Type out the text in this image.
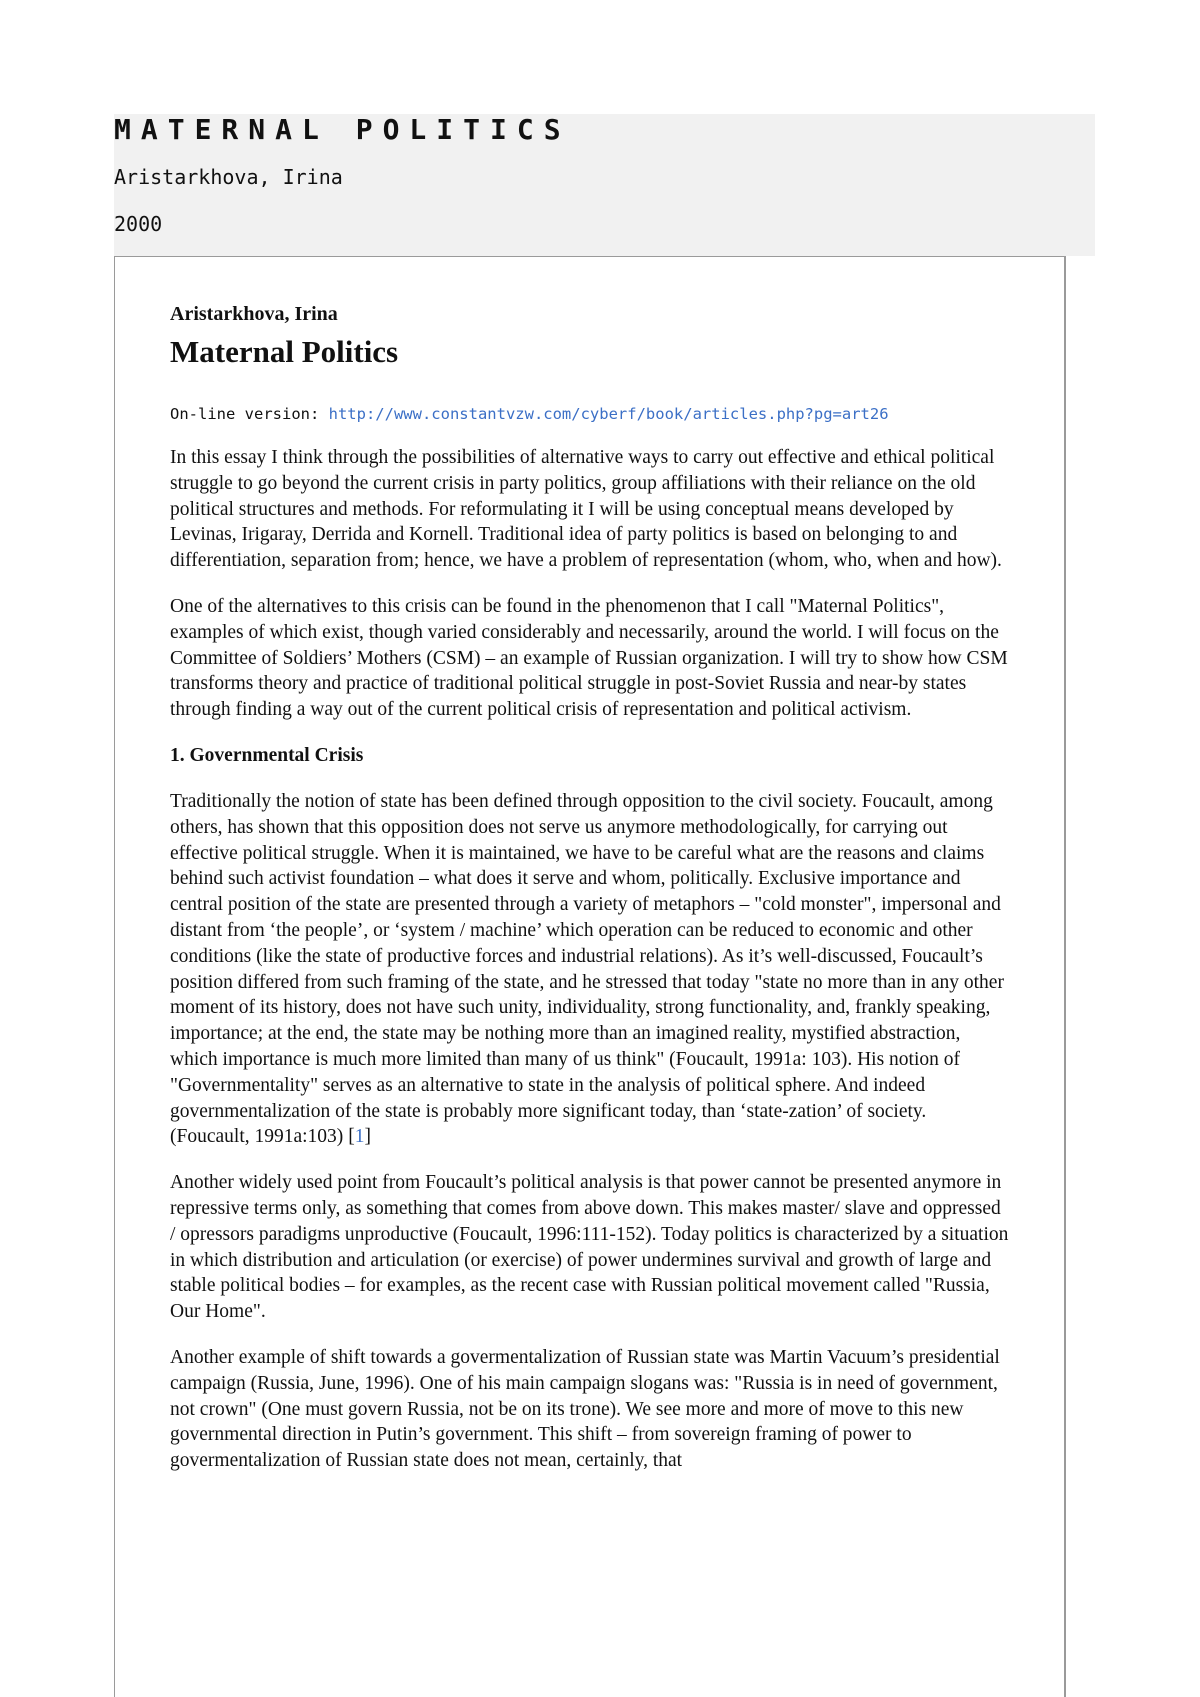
MATERNAL POLITICS
Aristarkhova, Irina
2000

Aristarkhova, Irina

Maternal Politics

On-line version: http://www.constantvzw.com/cyberf/book/articles.php?pg=art26

In this essay I think through the possibilities of alternative ways to carry out effective and ethical political struggle to go beyond the current crisis in party politics, group affiliations with their reliance on the old political structures and methods. For reformulating it I will be using conceptual means developed by Levinas, Irigaray, Derrida and Kornell. Traditional idea of party politics is based on belonging to and differentiation, separation from; hence, we have a problem of representation (whom, who, when and how).

One of the alternatives to this crisis can be found in the phenomenon that I call "Maternal Politics", examples of which exist, though varied considerably and necessarily, around the world. I will focus on the Committee of Soldiers’ Mothers (CSM) – an example of Russian organization. I will try to show how CSM transforms theory and practice of traditional political struggle in post-Soviet Russia and near-by states through finding a way out of the current political crisis of representation and political activism.

1. Governmental Crisis

Traditionally the notion of state has been defined through opposition to the civil society. Foucault, among others, has shown that this opposition does not serve us anymore methodologically, for carrying out effective political struggle. When it is maintained, we have to be careful what are the reasons and claims behind such activist foundation – what does it serve and whom, politically. Exclusive importance and central position of the state are presented through a variety of metaphors – "cold monster", impersonal and distant from ‘the people’, or ‘system / machine’ which operation can be reduced to economic and other conditions (like the state of productive forces and industrial relations). As it’s well-discussed, Foucault’s position differed from such framing of the state, and he stressed that today "state no more than in any other moment of its history, does not have such unity, individuality, strong functionality, and, frankly speaking, importance; at the end, the state may be nothing more than an imagined reality, mystified abstraction, which importance is much more limited than many of us think" (Foucault, 1991a: 103). His notion of "Governmentality" serves as an alternative to state in the analysis of political sphere. And indeed governmentalization of the state is probably more significant today, than ‘state-zation’ of society. (Foucault, 1991a:103) [1]

Another widely used point from Foucault’s political analysis is that power cannot be presented anymore in repressive terms only, as something that comes from above down. This makes master/ slave and oppressed / opressors paradigms unproductive (Foucault, 1996:111-152). Today politics is characterized by a situation in which distribution and articulation (or exercise) of power undermines survival and growth of large and stable political bodies – for examples, as the recent case with Russian political movement called "Russia, Our Home".

Another example of shift towards a govermentalization of Russian state was Martin Vacuum’s presidential campaign (Russia, June, 1996). One of his main campaign slogans was: "Russia is in need of government, not crown" (One must govern Russia, not be on its trone). We see more and more of move to this new governmental direction in Putin’s government. This shift – from sovereign framing of power to govermentalization of Russian state does not mean, certainly, that
